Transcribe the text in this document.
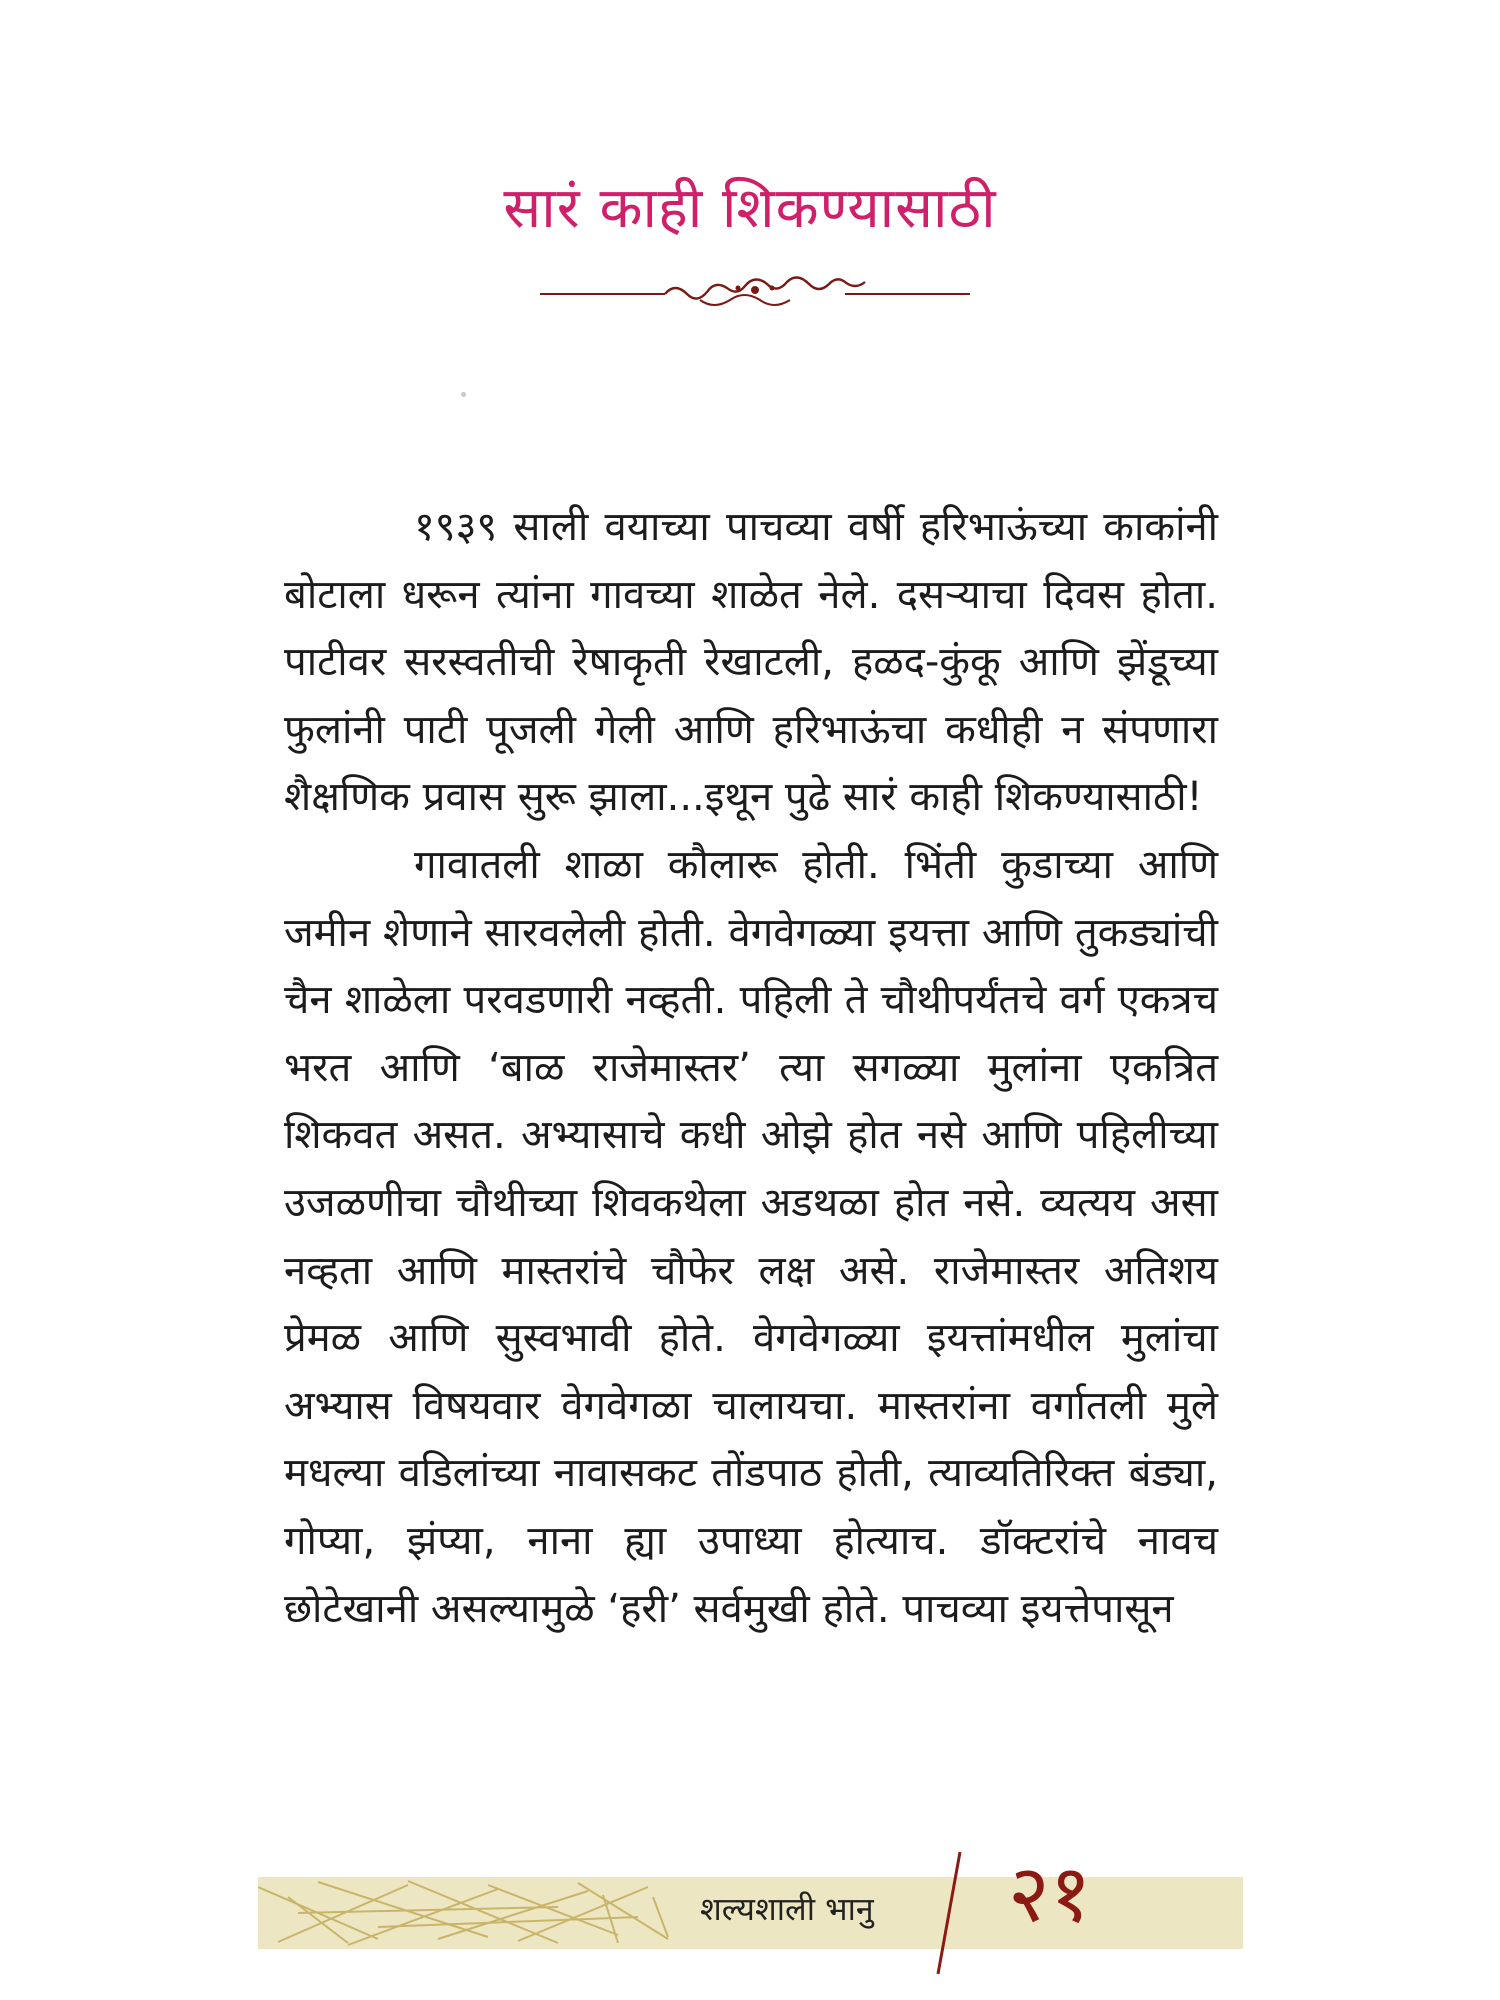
सारं काही शिकण्यासाठी

१९३९ साली वयाच्या पाचव्या वर्षी हरिभाऊंच्या काकांनी बोटाला धरून त्यांना गावच्या शाळेत नेले. दसऱ्याचा दिवस होता. पाटीवर सरस्वतीची रेषाकृती रेखाटली, हळद-कुंकू आणि झेंडूच्या फुलांनी पाटी पूजली गेली आणि हरिभाऊंचा कधीही न संपणारा शैक्षणिक प्रवास सुरू झाला...इथून पुढे सारं काही शिकण्यासाठी!

गावातली शाळा कौलारू होती. भिंती कुडाच्या आणि जमीन शेणाने सारवलेली होती. वेगवेगळ्या इयत्ता आणि तुकड्यांची चैन शाळेला परवडणारी नव्हती. पहिली ते चौथीपर्यंतचे वर्ग एकत्रच भरत आणि ‘बाळ राजेमास्तर’ त्या सगळ्या मुलांना एकत्रित शिकवत असत. अभ्यासाचे कधी ओझे होत नसे आणि पहिलीच्या उजळणीचा चौथीच्या शिवकथेला अडथळा होत नसे. व्यत्यय असा नव्हता आणि मास्तरांचे चौफेर लक्ष असे. राजेमास्तर अतिशय प्रेमळ आणि सुस्वभावी होते. वेगवेगळ्या इयत्तांमधील मुलांचा अभ्यास विषयवार वेगवेगळा चालायचा. मास्तरांना वर्गातली मुले मधल्या वडिलांच्या नावासकट तोंडपाठ होती, त्याव्यतिरिक्त बंड्या, गोप्या, झंप्या, नाना ह्या उपाध्या होत्याच. डॉक्टरांचे नावच छोटेखानी असल्यामुळे ‘हरी’ सर्वमुखी होते. पाचव्या इयत्तेपासून

शल्यशाली भानु २१
